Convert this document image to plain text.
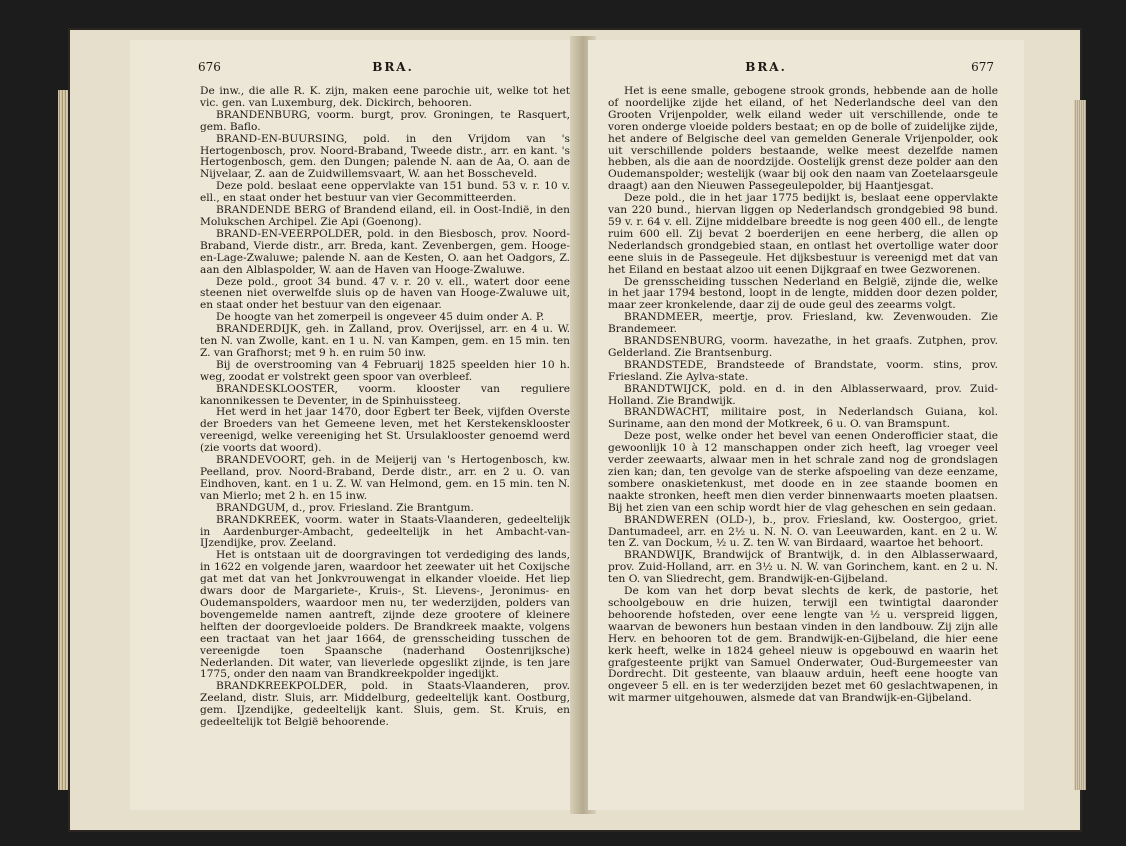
676	BRA.

De inw., die alle R. K. zijn, maken eene parochie uit, welke tot het vic. gen. van Luxemburg, dek. Dickirch, behooren.

BRANDENBURG, voorm. burgt, prov. Groningen, te Rasquert, gem. Baflo.

BRAND-EN-BUURSING, pold. in den Vrijdom van 's Hertogenbosch, prov. Noord-Braband, Tweede distr., arr. en kant. 's Hertogenbosch, gem. den Dungen; palende N. aan de Aa, O. aan de Nijvelaar, Z. aan de Zuidwillemsvaart, W. aan het Bosscheveld.

Deze pold. beslaat eene oppervlakte van 151 bund. 53 v. r. 10 v. ell., en staat onder het bestuur van vier Gecommitteerden.

BRANDENDE BERG of Brandend eiland, eil. in Oost-Indië, in den Molukschen Archipel. Zie Api (Goenong).

BRAND-EN-VEERPOLDER, pold. in den Biesbosch, prov. Noord-Braband, Vierde distr., arr. Breda, kant. Zevenbergen, gem. Hooge-en-Lage-Zwaluwe; palende N. aan de Kesten, O. aan het Oadgors, Z. aan den Alblaspolder, W. aan de Haven van Hooge-Zwaluwe.

Deze pold., groot 34 bund. 47 v. r. 20 v. ell., watert door eene steenen niet overwelfde sluis op de haven van Hooge-Zwaluwe uit, en staat onder het bestuur van den eigenaar.

De hoogte van het zomerpeil is ongeveer 45 duim onder A. P.

BRANDERDIJK, geh. in Zalland, prov. Overijssel, arr. en 4 u. W. ten N. van Zwolle, kant. en 1 u. N. van Kampen, gem. en 15 min. ten Z. van Grafhorst; met 9 h. en ruim 50 inw.

Bij de overstrooming van 4 Februarij 1825 speelden hier 10 h. weg, zoodat er volstrekt geen spoor van overbleef.

BRANDESKLOOSTER, voorm. klooster van reguliere kanonnikessen te Deventer, in de Spinhuissteeg.

Het werd in het jaar 1470, door Egbert ter Beek, vijfden Overste der Broeders van het Gemeene leven, met het Kerstekensklooster vereenigd, welke vereeniging het St. Ursulaklooster genoemd werd (zie voorts dat woord).

BRANDEVOORT, geh. in de Meijerij van 's Hertogenbosch, kw. Peelland, prov. Noord-Braband, Derde distr., arr. en 2 u. O. van Eindhoven, kant. en 1 u. Z. W. van Helmond, gem. en 15 min. ten N. van Mierlo; met 2 h. en 15 inw.

BRANDGUM, d., prov. Friesland. Zie Brantgum.

BRANDKREEK, voorm. water in Staats-Vlaanderen, gedeeltelijk in Aardenburger-Ambacht, gedeeltelijk in het Ambacht-van-IJzendijke, prov. Zeeland.

Het is ontstaan uit de doorgravingen tot verdediging des lands, in 1622 en volgende jaren, waardoor het zeewater uit het Coxijsche gat met dat van het Jonkvrouwengat in elkander vloeide. Het liep dwars door de Margariete-, Kruis-, St. Lievens-, Jeronimus- en Oudemanspolders, waardoor men nu, ter wederzijden, polders van bovengemelde namen aantreft, zijnde deze grootere of kleinere helften der doorgevloeide polders. De Brandkreek maakte, volgens een tractaat van het jaar 1664, de grensscheiding tusschen de vereenigde toen Spaansche (naderhand Oostenrijksche) Nederlanden. Dit water, van lieverlede opgeslikt zijnde, is ten jare 1775, onder den naam van Brandkreekpolder ingedijkt.

BRANDKREEKPOLDER, pold. in Staats-Vlaanderen, prov. Zeeland, distr. Sluis, arr. Middelburg, gedeeltelijk kant. Oostburg, gem. IJzendijke, gedeeltelijk kant. Sluis, gem. St. Kruis, en gedeeltelijk tot België behoorende.

BRA.	677

Het is eene smalle, gebogene strook gronds, hebbende aan de holle of noordelijke zijde het eiland, of het Nederlandsche deel van den Grooten Vrijenpolder, welk eiland weder uit verschillende, onde te voren onderge vloeide polders bestaat; en op de bolle of zuidelijke zijde, het andere of Belgische deel van gemelden Generale Vrijenpolder, ook uit verschillende polders bestaande, welke meest dezelfde namen hebben, als die aan de noordzijde. Oostelijk grenst deze polder aan den Oudemanspolder; westelijk (waar bij ook den naam van Zoetelaarsgeule draagt) aan den Nieuwen Passegeulepolder, bij Haantjesgat.

Deze pold., die in het jaar 1775 bedijkt is, beslaat eene oppervlakte van 220 bund., hiervan liggen op Nederlandsch grondgebied 98 bund. 59 v. r. 64 v. ell. Zijne middelbare breedte is nog geen 400 ell., de lengte ruim 600 ell. Zij bevat 2 boerderijen en eene herberg, die allen op Nederlandsch grondgebied staan, en ontlast het overtollige water door eene sluis in de Passegeule. Het dijksbestuur is vereenigd met dat van het Eiland en bestaat alzoo uit eenen Dijkgraaf en twee Gezworenen.

De grensscheiding tusschen Nederland en België, zijnde die, welke in het jaar 1794 bestond, loopt in de lengte, midden door dezen polder, maar zeer kronkelende, daar zij de oude geul des zeearms volgt.

BRANDMEER, meertje, prov. Friesland, kw. Zevenwouden. Zie Brandemeer.

BRANDSENBURG, voorm. havezathe, in het graafs. Zutphen, prov. Gelderland. Zie Brantsenburg.

BRANDSTEDE, Brandsteede of Brandstate, voorm. stins, prov. Friesland. Zie Aylva-state.

BRANDTWIJCK, pold. en d. in den Alblasserwaard, prov. Zuid-Holland. Zie Brandwijk.

BRANDWACHT, militaire post, in Nederlandsch Guiana, kol. Suriname, aan den mond der Motkreek, 6 u. O. van Bramspunt.

Deze post, welke onder het bevel van eenen Onderofficier staat, die gewoonlijk 10 à 12 manschappen onder zich heeft, lag vroeger veel verder zeewaarts, alwaar men in het schrale zand nog de grondslagen zien kan; dan, ten gevolge van de sterke afspoeling van deze eenzame, sombere onaskietenkust, met doode en in zee staande boomen en naakte stronken, heeft men dien verder binnenwaarts moeten plaatsen. Bij het zien van een schip wordt hier de vlag geheschen en sein gedaan.

BRANDWEREN (OLD-), b., prov. Friesland, kw. Oostergoo, griet. Dantumadeel, arr. en 2½ u. N. N. O. van Leeuwarden, kant. en 2 u. W. ten Z. van Dockum, ½ u. Z. ten W. van Birdaard, waartoe het behoort.

BRANDWIJK, Brandwijck of Brantwijk, d. in den Alblasserwaard, prov. Zuid-Holland, arr. en 3½ u. N. W. van Gorinchem, kant. en 2 u. N. ten O. van Sliedrecht, gem. Brandwijk-en-Gijbeland.

De kom van het dorp bevat slechts de kerk, de pastorie, het schoolgebouw en drie huizen, terwijl een twintigtal daaronder behoorende hofsteden, over eene lengte van ½ u. verspreid liggen, waarvan de bewoners hun bestaan vinden in den landbouw. Zij zijn alle Herv. en behooren tot de gem. Brandwijk-en-Gijbeland, die hier eene kerk heeft, welke in 1824 geheel nieuw is opgebouwd en waarin het grafgesteente prijkt van Samuel Onderwater, Oud-Burgemeester van Dordrecht. Dit gesteente, van blaauw arduin, heeft eene hoogte van ongeveer 5 ell. en is ter wederzijden bezet met 60 geslachtwapenen, in wit marmer uitgehouwen, alsmede dat van Brandwijk-en-Gijbeland.
